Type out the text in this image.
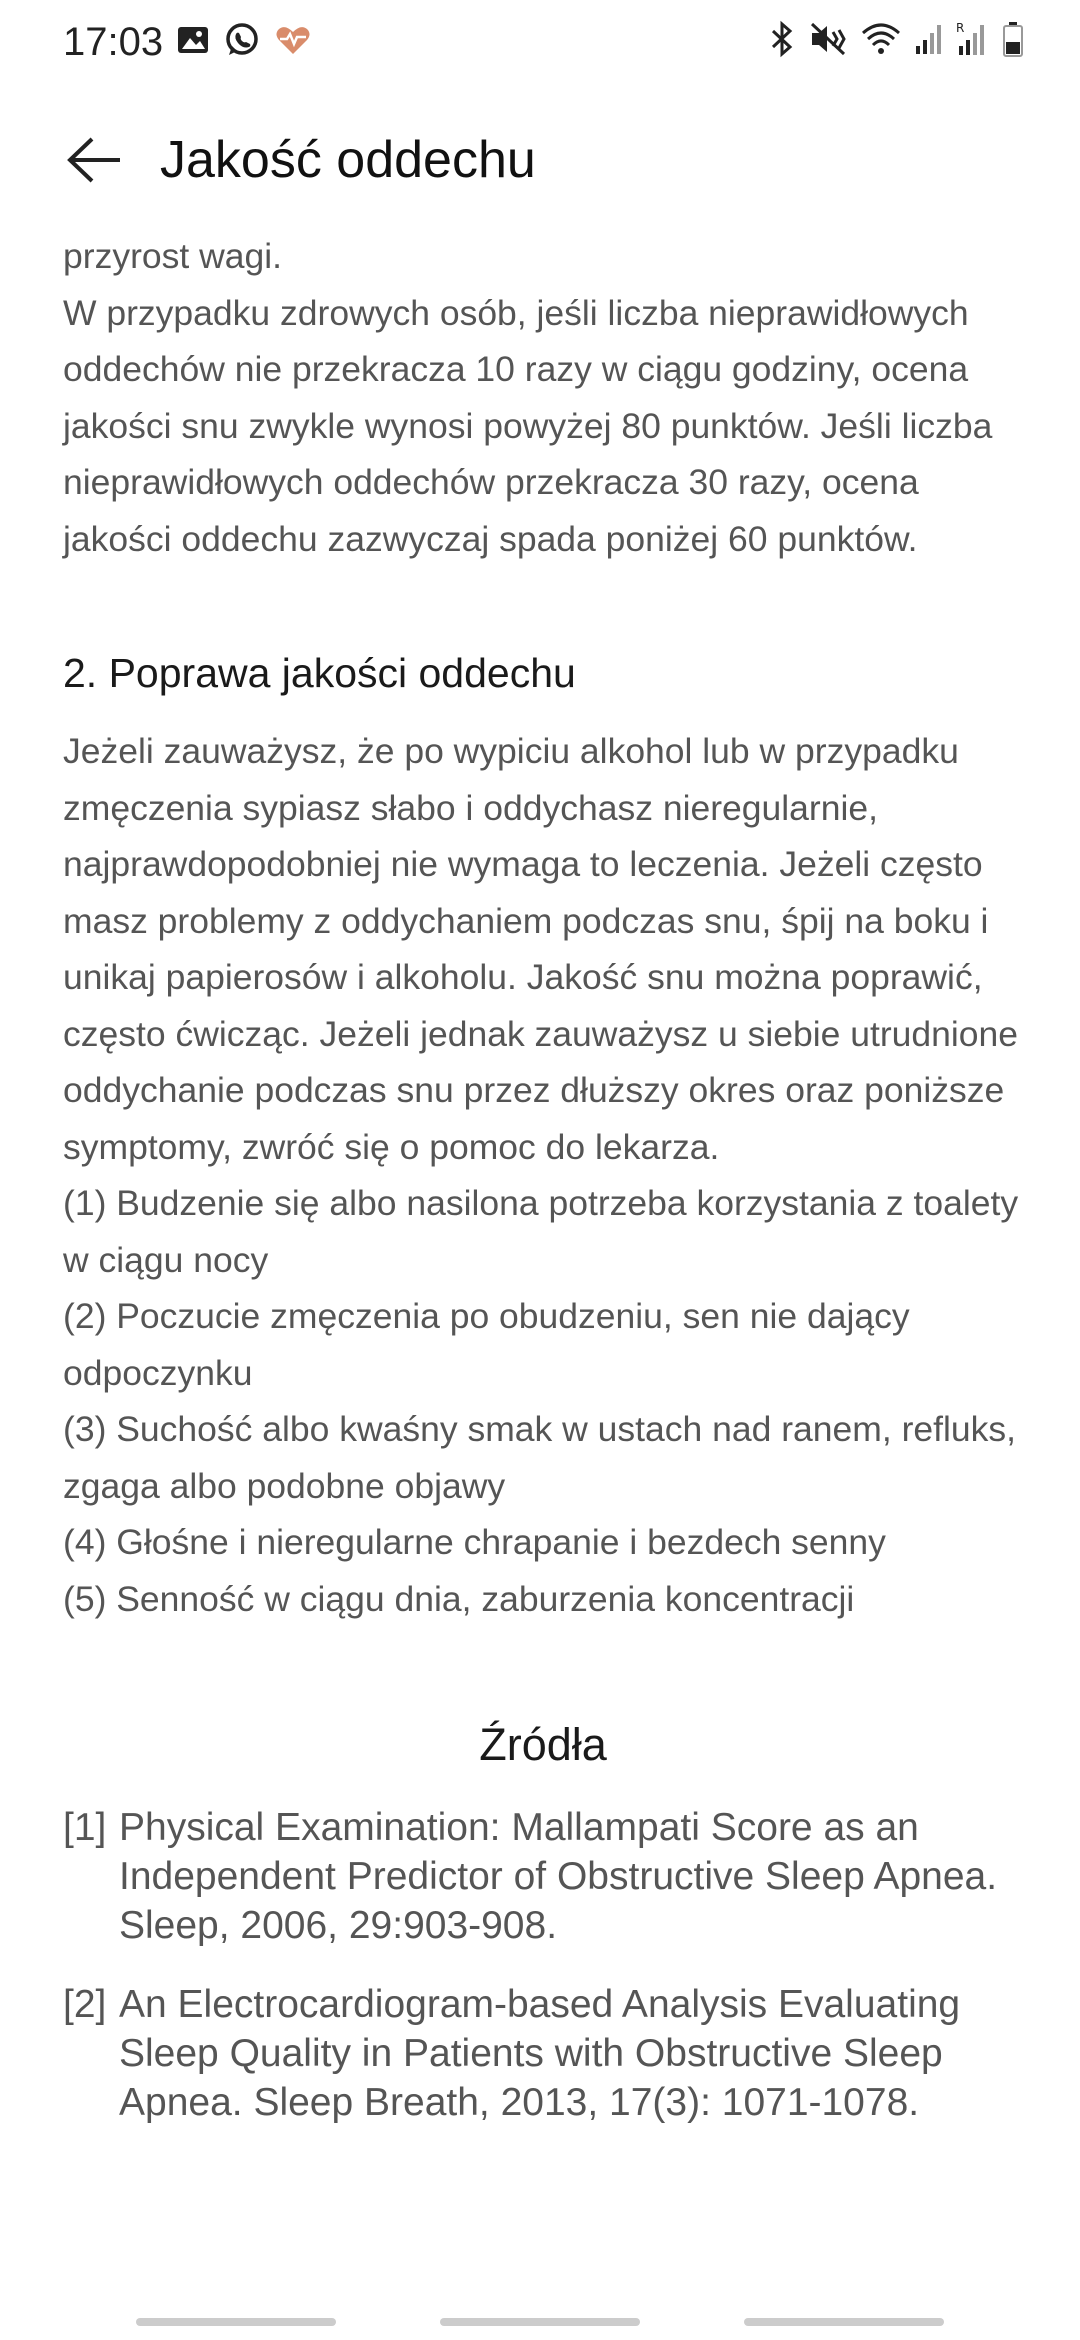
17:03	R
Jakość oddechu

przyrost wagi.
W przypadku zdrowych osób, jeśli liczba nieprawidłowych oddechów nie przekracza 10 razy w ciągu godziny, ocena jakości snu zwykle wynosi powyżej 80 punktów. Jeśli liczba nieprawidłowych oddechów przekracza 30 razy, ocena jakości oddechu zazwyczaj spada poniżej 60 punktów.

2. Poprawa jakości oddechu

Jeżeli zauważysz, że po wypiciu alkohol lub w przypadku zmęczenia sypiasz słabo i oddychasz nieregularnie, najprawdopodobniej nie wymaga to leczenia. Jeżeli często masz problemy z oddychaniem podczas snu, śpij na boku i unikaj papierosów i alkoholu. Jakość snu można poprawić, często ćwicząc. Jeżeli jednak zauważysz u siebie utrudnione oddychanie podczas snu przez dłuższy okres oraz poniższe symptomy, zwróć się o pomoc do lekarza.

(1) Budzenie się albo nasilona potrzeba korzystania z toalety w ciągu nocy

(2) Poczucie zmęczenia po obudzeniu, sen nie dający odpoczynku

(3) Suchość albo kwaśny smak w ustach nad ranem, refluks, zgaga albo podobne objawy

(4) Głośne i nieregularne chrapanie i bezdech senny

(5) Senność w ciągu dnia, zaburzenia koncentracji

Źródła
[1] Physical Examination: Mallampati Score as an Independent Predictor of Obstructive Sleep Apnea. Sleep, 2006, 29:903-908.
[2] An Electrocardiogram-based Analysis Evaluating Sleep Quality in Patients with Obstructive Sleep Apnea. Sleep Breath, 2013, 17(3): 1071-1078.
